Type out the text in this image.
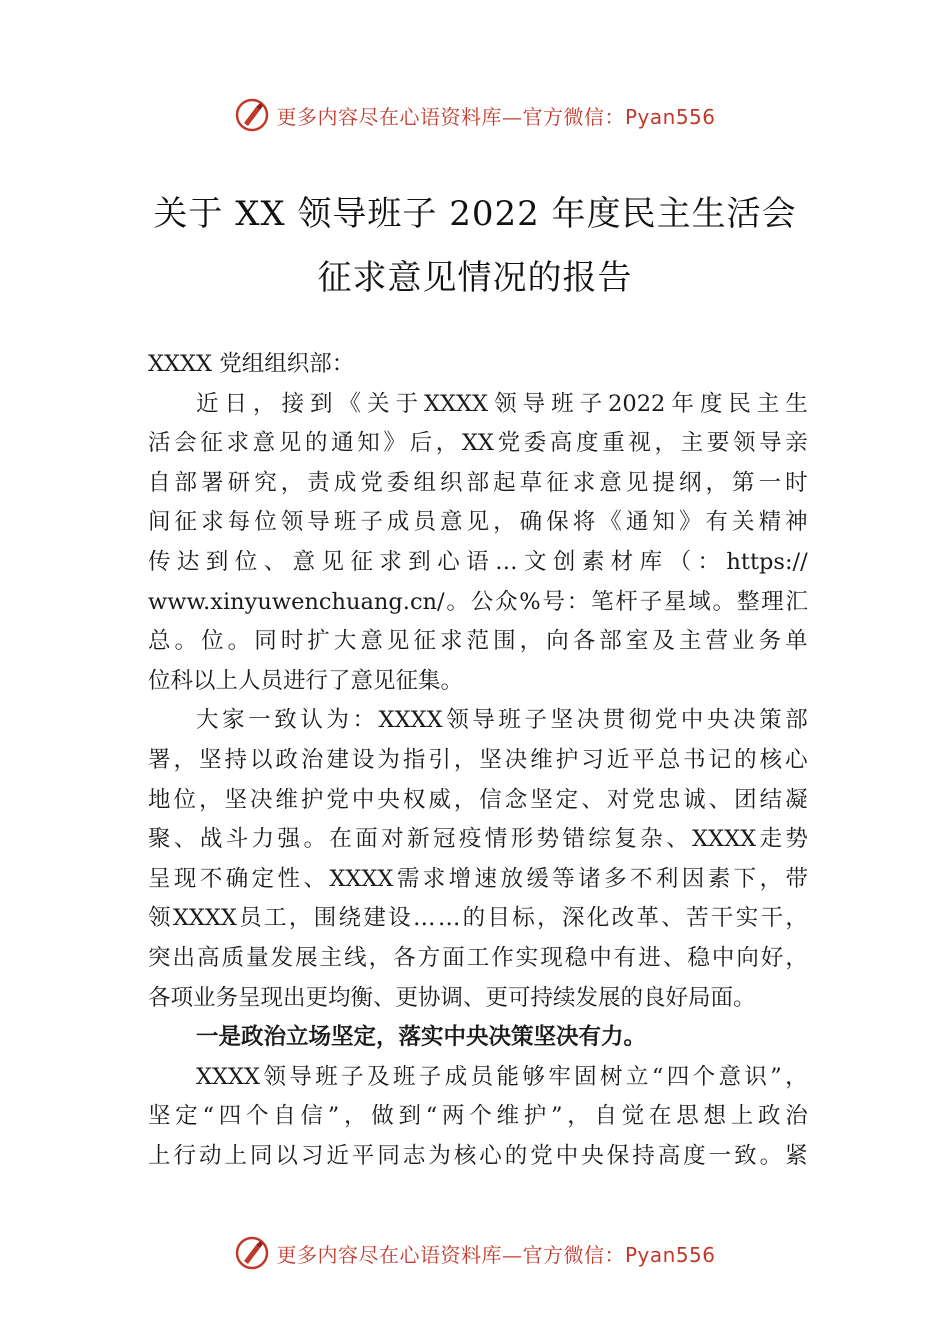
更多内容尽在心语资料库—官方微信：Pyan556
关于 XX 领导班子 2022 年度民主生活会
征求意见情况的报告
XXXX 党组组织部：
近 日 ， 接 到 《 关 于 XXXX 领 导 班 子 2022 年 度 民 主 生
活 会 征 求 意 见 的 通 知 》 后 ， XX 党 委 高 度 重 视 ， 主 要 领 导 亲
自 部 署 研 究 ， 责 成 党 委 组 织 部 起 草 征 求 意 见 提 纲 ， 第 一 时
间 征 求 每 位 领 导 班 子 成 员 意 见 ， 确 保 将 《 通 知 》 有 关 精 神
传 达 到 位 、 意 见 征 求 到 心 语 … 文 创 素 材 库 （ ： https://
www.xinyuwenchuang.cn/ 。 公 众 % 号 ： 笔 杆 子 星 域 。 整 理 汇
总 。 位 。 同 时 扩 大 意 见 征 求 范 围 ， 向 各 部 室 及 主 营 业 务 单
位科以上人员进行了意见征集。
大 家 一 致 认 为 ： XXXX 领 导 班 子 坚 决 贯 彻 党 中 央 决 策 部
署 ， 坚 持 以 政 治 建 设 为 指 引 ， 坚 决 维 护 习 近 平 总 书 记 的 核 心
地 位 ， 坚 决 维 护 党 中 央 权 威 ， 信 念 坚 定 、 对 党 忠 诚 、 团 结 凝
聚 、 战 斗 力 强 。 在 面 对 新 冠 疫 情 形 势 错 综 复 杂 、 XXXX 走 势
呈 现 不 确 定 性 、 XXXX 需 求 增 速 放 缓 等 诸 多 不 利 因 素 下 ， 带
领 XXXX 员 工 ， 围 绕 建 设 … … 的 目 标 ， 深 化 改 革 、 苦 干 实 干 ，
突 出 高 质 量 发 展 主 线 ， 各 方 面 工 作 实 现 稳 中 有 进 、 稳 中 向 好 ，
各项业务呈现出更均衡、更协调、更可持续发展的良好局面。
一是政治立场坚定，落实中央决策坚决有力。
XXXX 领 导 班 子 及 班 子 成 员 能 够 牢 固 树 立 “ 四 个 意 识 ” ，
坚 定 “ 四 个 自 信 ” ， 做 到 “ 两 个 维 护 ” ， 自 觉 在 思 想 上 政 治
上 行 动 上 同 以 习 近 平 同 志 为 核 心 的 党 中 央 保 持 高 度 一 致 。 紧
更多内容尽在心语资料库—官方微信：Pyan556
